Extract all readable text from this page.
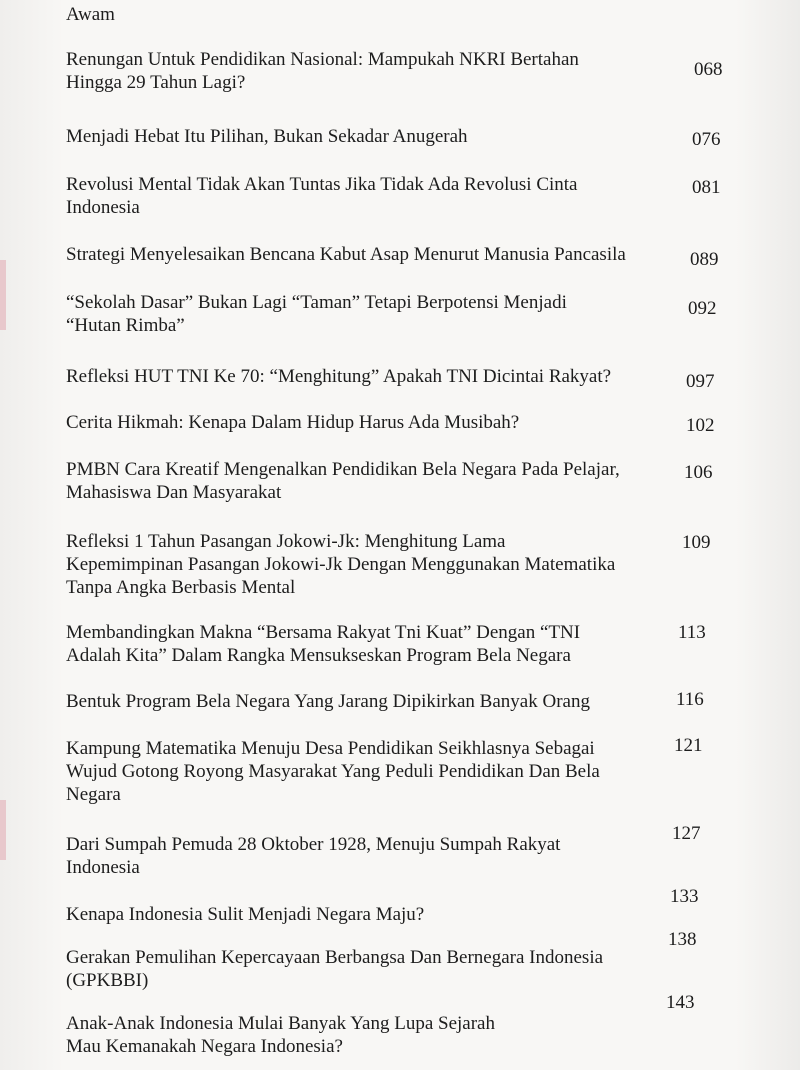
Awam
Renungan Untuk Pendidikan Nasional: Mampukah NKRI Bertahan
Hingga 29 Tahun Lagi?
068
Menjadi Hebat Itu Pilihan, Bukan Sekadar Anugerah	076
Revolusi Mental Tidak Akan Tuntas Jika Tidak Ada Revolusi Cinta
Indonesia
081
Strategi Menyelesaikan Bencana Kabut Asap Menurut Manusia Pancasila	089
“Sekolah Dasar” Bukan Lagi “Taman” Tetapi Berpotensi Menjadi
“Hutan Rimba”
092
Refleksi HUT TNI Ke 70: “Menghitung” Apakah TNI Dicintai Rakyat?	097
Cerita Hikmah: Kenapa Dalam Hidup Harus Ada Musibah?	102
PMBN Cara Kreatif Mengenalkan Pendidikan Bela Negara Pada Pelajar,
Mahasiswa Dan Masyarakat
106
Refleksi 1 Tahun Pasangan Jokowi-Jk: Menghitung Lama
Kepemimpinan Pasangan Jokowi-Jk Dengan Menggunakan Matematika
Tanpa Angka Berbasis Mental
109
Membandingkan Makna “Bersama Rakyat Tni Kuat” Dengan “TNI
Adalah Kita” Dalam Rangka Mensukseskan Program Bela Negara
113
Bentuk Program Bela Negara Yang Jarang Dipikirkan Banyak Orang	116
Kampung Matematika Menuju Desa Pendidikan Seikhlasnya Sebagai
Wujud Gotong Royong Masyarakat Yang Peduli Pendidikan Dan Bela
Negara
121
Dari Sumpah Pemuda 28 Oktober 1928, Menuju Sumpah Rakyat
Indonesia
127
Kenapa Indonesia Sulit Menjadi Negara Maju?
133
Gerakan Pemulihan Kepercayaan Berbangsa Dan Bernegara Indonesia
(GPKBBI)
138
Anak-Anak Indonesia Mulai Banyak Yang Lupa Sejarah
Mau Kemanakah Negara Indonesia?
143
